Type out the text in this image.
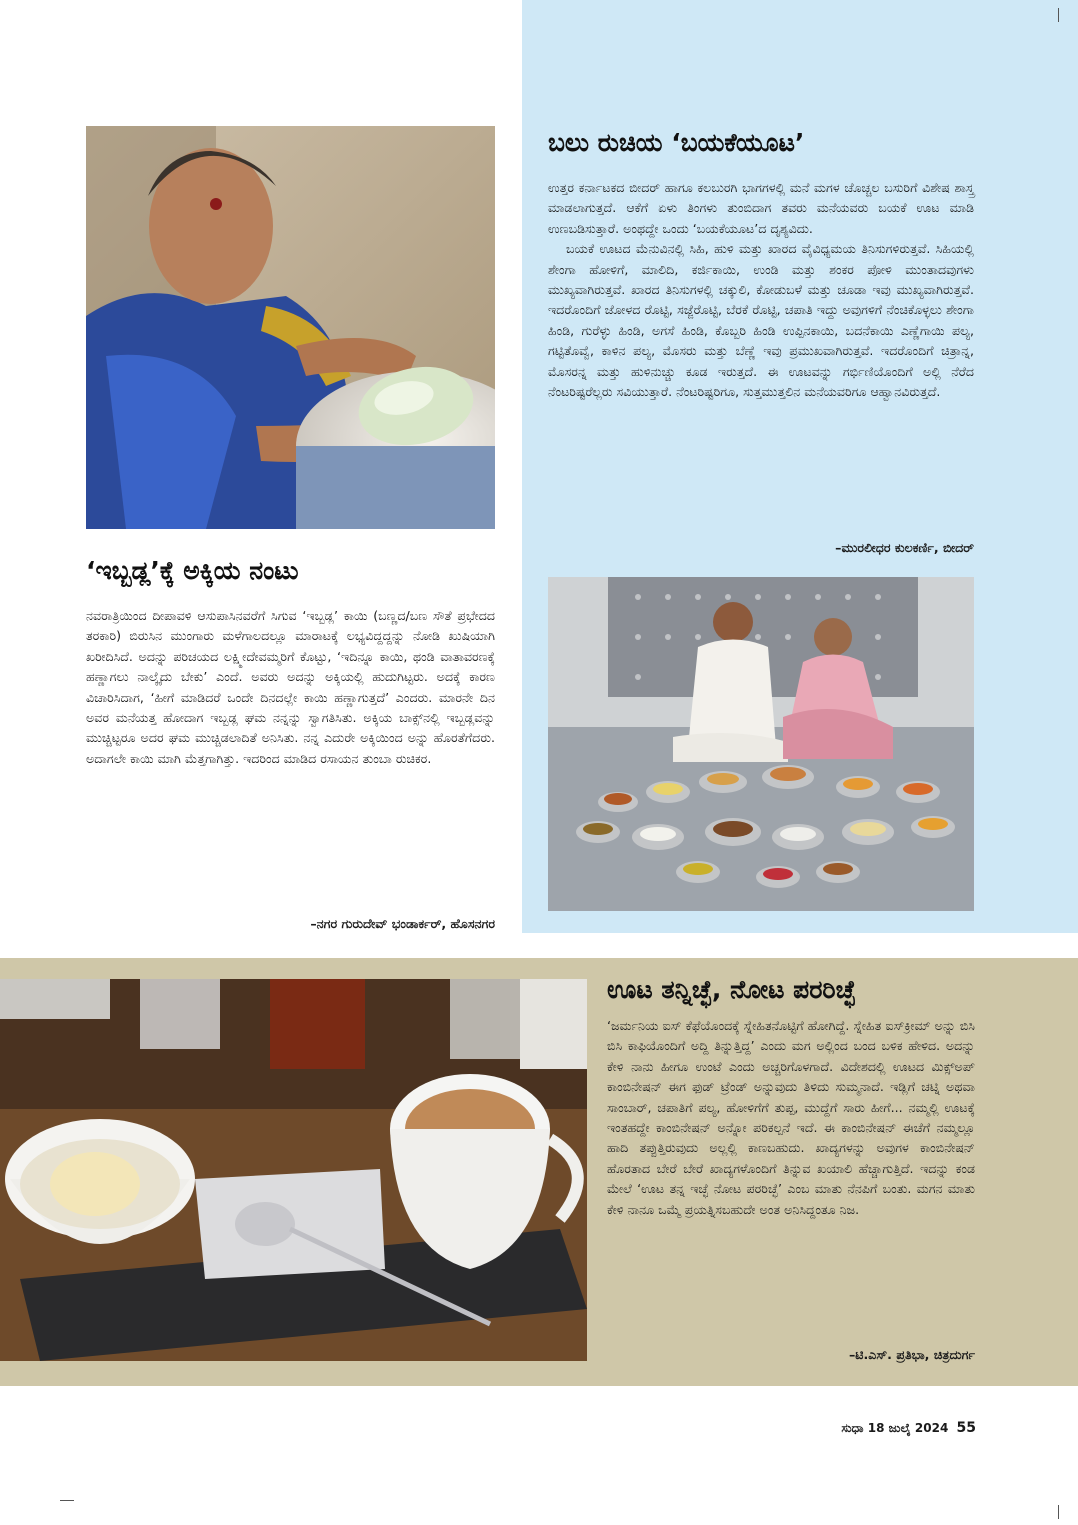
‘ಇಬ್ಬಡ್ಲ’ಕ್ಕೆ ಅಕ್ಕಿಯ ನಂಟು

ನವರಾತ್ರಿಯಿಂದ ದೀಪಾವಳಿ ಆಸುಪಾಸಿನವರೆಗೆ ಸಿಗುವ ‘ಇಬ್ಬಡ್ಲ’ ಕಾಯಿ (ಬಣ್ಣದ/ಬಣ ಸೌತೆ ಪ್ರಭೇದದ ತರಕಾರಿ) ಬಿರುಸಿನ ಮುಂಗಾರು ಮಳೆಗಾಲದಲ್ಲೂ ಮಾರಾಟಕ್ಕೆ ಲಭ್ಯವಿದ್ದದ್ದನ್ನು ನೋಡಿ ಖುಷಿಯಾಗಿ ಖರೀದಿಸಿದೆ. ಅದನ್ನು ಪರಿಚಯದ ಲಕ್ಷ್ಮೀದೇವಮ್ಮರಿಗೆ ಕೊಟ್ಟು, ‘ಇದಿನ್ನೂ ಕಾಯಿ, ಥಂಡಿ ವಾತಾವರಣಕ್ಕೆ ಹಣ್ಣಾಗಲು ನಾಲ್ಕೈದು ಬೇಕು’ ಎಂದೆ. ಅವರು ಅದನ್ನು ಅಕ್ಕಿಯಲ್ಲಿ ಹುದುಗಿಟ್ಟರು. ಅದಕ್ಕೆ ಕಾರಣ ವಿಚಾರಿಸಿದಾಗ, ‘ಹೀಗೆ ಮಾಡಿದರೆ ಒಂದೇ ದಿನದಲ್ಲೇ ಕಾಯಿ ಹಣ್ಣಾಗುತ್ತದೆ’ ಎಂದರು. ಮಾರನೇ ದಿನ ಅವರ ಮನೆಯತ್ತ ಹೋದಾಗ ಇಬ್ಬಡ್ಲ ಘಮ ನನ್ನನ್ನು ಸ್ವಾಗತಿಸಿತು. ಅಕ್ಕಿಯ ಬಾಕ್ಸ್‌ನಲ್ಲಿ ಇಬ್ಬಡ್ಲವನ್ನು ಮುಚ್ಚಿಟ್ಟರೂ ಅದರ ಘಮ ಮುಚ್ಚಿಡಲಾದಿತೆ ಅನಿಸಿತು. ನನ್ನ ಎದುರೇ ಅಕ್ಕಿಯಿಂದ ಅನ್ನು ಹೊರತೆಗೆದರು. ಅದಾಗಲೇ ಕಾಯಿ ಮಾಗಿ ಮೆತ್ತಗಾಗಿತ್ತು. ಇದರಿಂದ ಮಾಡಿದ ರಸಾಯನ ತುಂಬಾ ರುಚಿಕರ.

–ನಗರ ಗುರುದೇವ್ ಭಂಡಾರ್ಕರ್, ಹೊಸನಗರ
ಬಲು ರುಚಿಯ ‘ಬಯಕೆಯೂಟ’

ಉತ್ತರ ಕರ್ನಾಟಕದ ಬೀದರ್ ಹಾಗೂ ಕಲಬುರಗಿ ಭಾಗಗಳಲ್ಲಿ ಮನೆ ಮಗಳ ಚೊಚ್ಚಲ ಬಸುರಿಗೆ ವಿಶೇಷ ಶಾಸ್ತ್ರ ಮಾಡಲಾಗುತ್ತದೆ. ಆಕೆಗೆ ಏಳು ತಿಂಗಳು ತುಂಬಿದಾಗ ತವರು ಮನೆಯವರು ಬಯಕೆ ಊಟ ಮಾಡಿ ಉಣಬಡಿಸುತ್ತಾರೆ. ಅಂಥದ್ದೇ ಒಂದು ‘ಬಯಕೆಯೂಟ’ದ ದೃಶ್ಯವಿದು.

ಬಯಕೆ ಊಟದ ಮೆನುವಿನಲ್ಲಿ ಸಿಹಿ, ಹುಳಿ ಮತ್ತು ಖಾರದ ವೈವಿಧ್ಯಮಯ ತಿನಿಸುಗಳಿರುತ್ತವೆ. ಸಿಹಿಯಲ್ಲಿ ಶೇಂಗಾ ಹೋಳಿಗೆ, ಮಾಲಿದಿ, ಕರ್ಜಿಕಾಯಿ, ಉಂಡಿ ಮತ್ತು ಶಂಕರ ಪೋಳಿ ಮುಂತಾದವುಗಳು ಮುಖ್ಯವಾಗಿರುತ್ತವೆ. ಖಾರದ ತಿನಿಸುಗಳಲ್ಲಿ ಚಕ್ಕುಲಿ, ಕೋಡುಬಳೆ ಮತ್ತು ಚೂಡಾ ಇವು ಮುಖ್ಯವಾಗಿರುತ್ತವೆ. ಇದರೊಂದಿಗೆ ಜೋಳದ ರೊಟ್ಟಿ, ಸಜ್ಜೆರೊಟ್ಟಿ, ಬೆರಕೆ ರೊಟ್ಟಿ, ಚಪಾತಿ ಇದ್ದು ಅವುಗಳಿಗೆ ನೆಂಚಿಕೊಳ್ಳಲು ಶೇಂಗಾ ಹಿಂಡಿ, ಗುರೆಳ್ಳು ಹಿಂಡಿ, ಅಗಸೆ ಹಿಂಡಿ, ಕೊಬ್ಬರಿ ಹಿಂಡಿ ಉಪ್ಪಿನಕಾಯಿ, ಬದನೆಕಾಯಿ ಎಣ್ಣೆಗಾಯಿ ಪಲ್ಯ, ಗಟ್ಟಿತೊವ್ವೆ, ಕಾಳಿನ ಪಲ್ಯ, ಮೊಸರು ಮತ್ತು ಬೆಣ್ಣೆ ಇವು ಪ್ರಮುಖವಾಗಿರುತ್ತವೆ. ಇದರೊಂದಿಗೆ ಚಿತ್ರಾನ್ನ, ಮೊಸರನ್ನ ಮತ್ತು ಹುಳಿನುಚ್ಚು ಕೂಡ ಇರುತ್ತದೆ. ಈ ಊಟವನ್ನು ಗರ್ಭಿಣಿಯೊಂದಿಗೆ ಅಲ್ಲಿ ನೆರೆದ ನೆಂಟರಿಷ್ಟರೆಲ್ಲರು ಸವಿಯುತ್ತಾರೆ. ನೆಂಟರಿಷ್ಟರಿಗೂ, ಸುತ್ತಮುತ್ತಲಿನ ಮನೆಯವರಿಗೂ ಆಹ್ವಾನವಿರುತ್ತದೆ.

–ಮುರಲೀಧರ ಕುಲಕರ್ಣಿ, ಬೀದರ್
ಊಟ ತನ್ನಿಚ್ಛೆ, ನೋಟ ಪರರಿಚ್ಛೆ

‘ಜರ್ಮನಿಯ ಐಸ್ ಕೆಫೆಯೊಂದಕ್ಕೆ ಸ್ನೇಹಿತನೊಟ್ಟಿಗೆ ಹೋಗಿದ್ದೆ. ಸ್ನೇಹಿತ ಐಸ್‌ಕ್ರೀಮ್ ಅನ್ನು ಬಿಸಿ ಬಿಸಿ ಕಾಫಿಯೊಂದಿಗೆ ಅದ್ದಿ ತಿನ್ನುತ್ತಿದ್ದ’ ಎಂದು ಮಗ ಅಲ್ಲಿಂದ ಬಂದ ಬಳಿಕ ಹೇಳಿದ. ಅದನ್ನು ಕೇಳಿ ನಾನು ಹೀಗೂ ಉಂಟೆ ಎಂದು ಅಚ್ಚರಿಗೊಳಗಾದೆ. ವಿದೇಶದಲ್ಲಿ ಊಟದ ಮಿಕ್ಸ್‌ಅಪ್ ಕಾಂಬಿನೇಷನ್ ಈಗ ಫುಡ್ ಟ್ರೆಂಡ್ ಅನ್ನುವುದು ತಿಳಿದು ಸುಮ್ಮನಾದೆ. ಇಡ್ಲಿಗೆ ಚಟ್ನಿ ಅಥವಾ ಸಾಂಬಾರ್, ಚಪಾತಿಗೆ ಪಲ್ಯ, ಹೋಳಿಗೆಗೆ ತುಪ್ಪ, ಮುದ್ದೆಗೆ ಸಾರು ಹೀಗೆ... ನಮ್ಮಲ್ಲಿ ಊಟಕ್ಕೆ ಇಂತಹದ್ದೇ ಕಾಂಬಿನೇಷನ್ ಅನ್ನೋ ಪರಿಕಲ್ಪನೆ ಇದೆ. ಈ ಕಾಂಬಿನೇಷನ್ ಈಚೆಗೆ ನಮ್ಮಲ್ಲೂ ಹಾದಿ ತಪ್ಪುತ್ತಿರುವುದು ಅಲ್ಲಲ್ಲಿ ಕಾಣಬಹುದು. ಖಾದ್ಯಗಳನ್ನು ಅವುಗಳ ಕಾಂಬಿನೇಷನ್ ಹೊರತಾದ ಬೇರೆ ಬೇರೆ ಖಾದ್ಯಗಳೊಂದಿಗೆ ತಿನ್ನುವ ಖಯಾಲಿ ಹೆಚ್ಚಾಗುತ್ತಿದೆ. ಇದನ್ನು ಕಂಡ ಮೇಲೆ ‘ಊಟ ತನ್ನ ಇಚ್ಛೆ ನೋಟ ಪರರಿಚ್ಛೆ’ ಎಂಬ ಮಾತು ನೆನಪಿಗೆ ಬಂತು. ಮಗನ ಮಾತು ಕೇಳಿ ನಾನೂ ಒಮ್ಮೆ ಪ್ರಯತ್ನಿಸಬಹುದೇ ಅಂತ ಅನಿಸಿದ್ದಂತೂ ನಿಜ.

–ಟಿ.ಎಸ್. ಪ್ರತಿಭಾ, ಚಿತ್ರದುರ್ಗ
ಸುಧಾ 18 ಜುಲೈ 2024 55
